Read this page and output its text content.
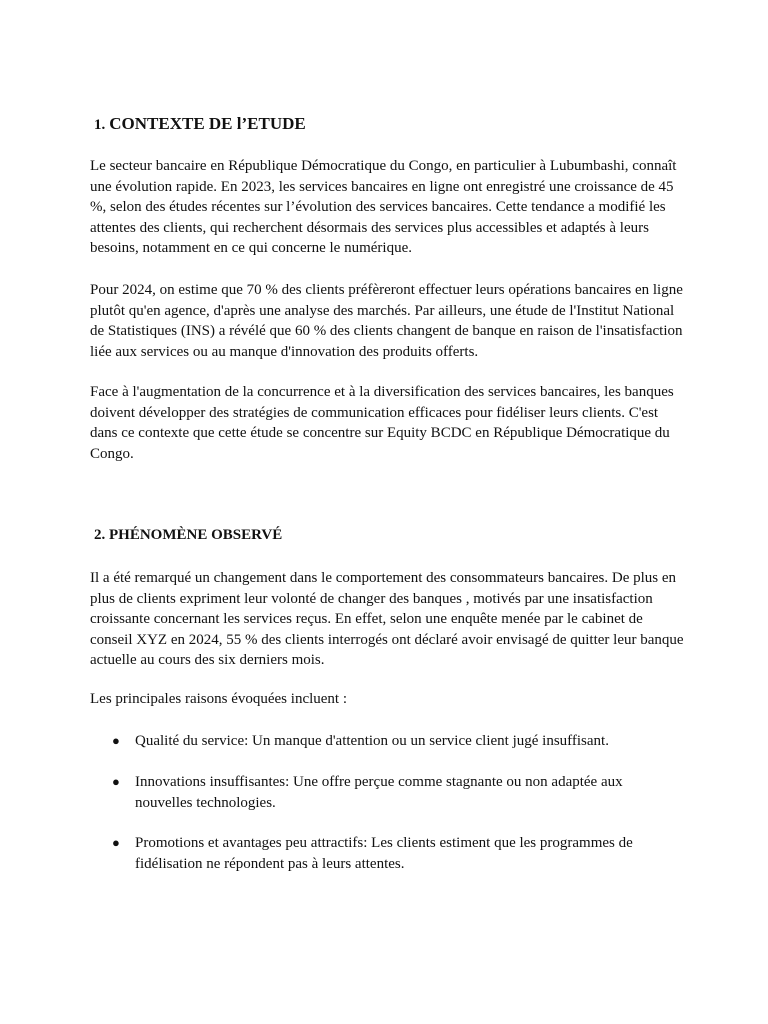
1. CONTEXTE DE l’ETUDE

Le secteur bancaire en République Démocratique du Congo, en particulier à Lubumbashi, connaît une évolution rapide. En 2023, les services bancaires en ligne ont enregistré une croissance de 45 %, selon des études récentes sur l’évolution des services bancaires. Cette tendance a modifié les attentes des clients, qui recherchent désormais des services plus accessibles et adaptés à leurs besoins, notamment en ce qui concerne le numérique.

Pour 2024, on estime que 70 % des clients préfèreront effectuer leurs opérations bancaires en ligne plutôt qu'en agence, d'après une analyse des marchés. Par ailleurs, une étude de l'Institut National de Statistiques (INS) a révélé que 60 % des clients changent de banque en raison de l'insatisfaction liée aux services ou au manque d'innovation des produits offerts.

Face à l'augmentation de la concurrence et à la diversification des services bancaires, les banques doivent développer des stratégies de communication efficaces pour fidéliser leurs clients. C'est dans ce contexte que cette étude se concentre sur Equity BCDC en République Démocratique du Congo.

2. PHÉNOMÈNE OBSERVÉ

Il a été remarqué un changement dans le comportement des consommateurs bancaires. De plus en plus de clients expriment leur volonté de changer des banques , motivés par une insatisfaction croissante concernant les services reçus. En effet, selon une enquête menée par le cabinet de conseil XYZ en 2024, 55 % des clients interrogés ont déclaré avoir envisagé de quitter leur banque actuelle au cours des six derniers mois.

Les principales raisons évoquées incluent :

● Qualité du service: Un manque d'attention ou un service client jugé insuffisant.
● Innovations insuffisantes: Une offre perçue comme stagnante ou non adaptée aux nouvelles technologies.
● Promotions et avantages peu attractifs: Les clients estiment que les programmes de fidélisation ne répondent pas à leurs attentes.
